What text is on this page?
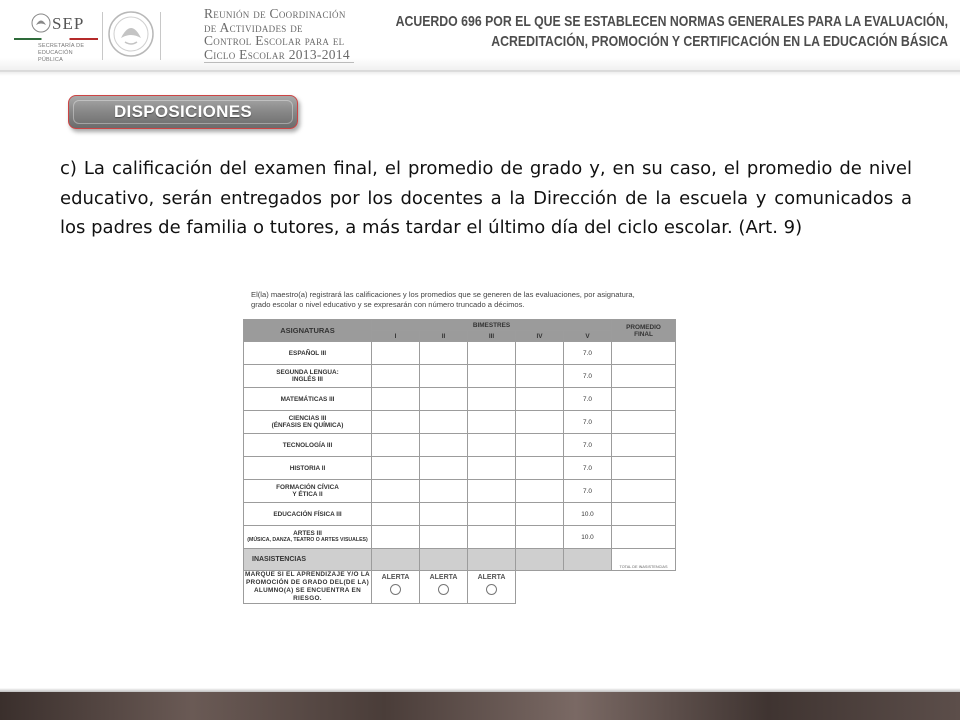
SEP
SECRETARÍA DE
EDUCACIÓN PÚBLICA
Reunión de Coordinación
de Actividades de
Control Escolar para el
Ciclo Escolar 2013-2014
ACUERDO 696 POR EL QUE SE ESTABLECEN NORMAS GENERALES PARA LA EVALUACIÓN,
ACREDITACIÓN, PROMOCIÓN Y CERTIFICACIÓN EN LA EDUCACIÓN BÁSICA
DISPOSICIONES

c) La calificación del examen final, el promedio de grado y, en su caso, el promedio de nivel educativo, serán entregados por los docentes a la Dirección de la escuela y comunicados a los padres de familia o tutores, a más tardar el último día del ciclo escolar. (Art. 9)

El(la) maestro(a) registrará las calificaciones y los promedios que se generen de las evaluaciones, por asignatura,
grado escolar o nivel educativo y se expresarán con número truncado a décimos.
ASIGNATURAS	BIMESTRES					PROMEDIO
FINAL

	I	II	III	IV	V	

ESPAÑOL III					7.0	

SEGUNDA LENGUA:
INGLÉS III					7.0	

MATEMÁTICAS III					7.0	

CIENCIAS III
(ÉNFASIS EN QUÍMICA)					7.0	

TECNOLOGÍA III					7.0	

HISTORIA II					7.0	

FORMACIÓN CÍVICA
Y ÉTICA II					7.0	

EDUCACIÓN FÍSICA III					10.0	

ARTES III
(MÚSICA, DANZA, TEATRO O ARTES VISUALES)					10.0	
INASISTENCIAS						TOTAL DE INASISTENCIAS
MARQUE SI EL APRENDIZAJE Y/O LA PROMOCIÓN DE GRADO DEL(DE LA) ALUMNO(A) SE ENCUENTRA EN RIESGO.	ALERTA	ALERTA	ALERTA			
